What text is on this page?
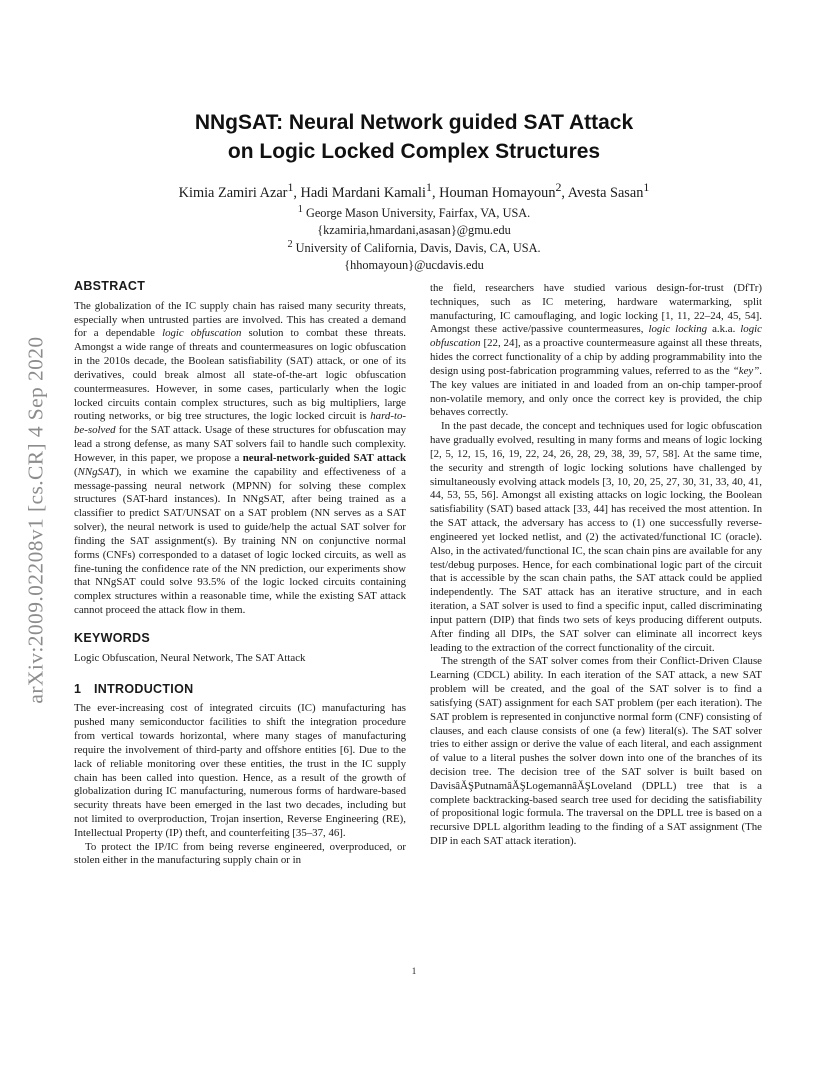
arXiv:2009.02208v1 [cs.CR] 4 Sep 2020
NNgSAT: Neural Network guided SAT Attack
on Logic Locked Complex Structures
Kimia Zamiri Azar$^1$, Hadi Mardani Kamali$^1$, Houman Homayoun$^2$, Avesta Sasan$^1$
$^1$ George Mason University, Fairfax, VA, USA.
{kzamiria,hmardani,asasan}@gmu.edu
$^2$ University of California, Davis, Davis, CA, USA.
{hhomayoun}@ucdavis.edu
ABSTRACT

The globalization of the IC supply chain has raised many security threats, especially when untrusted parties are involved. This has created a demand for a dependable logic obfuscation solution to combat these threats. Amongst a wide range of threats and countermeasures on logic obfuscation in the 2010s decade, the Boolean satisfiability (SAT) attack, or one of its derivatives, could break almost all state-of-the-art logic obfuscation countermeasures. However, in some cases, particularly when the logic locked circuits contain complex structures, such as big multipliers, large routing networks, or big tree structures, the logic locked circuit is hard-to-be-solved for the SAT attack. Usage of these structures for obfuscation may lead a strong defense, as many SAT solvers fail to handle such complexity. However, in this paper, we propose a neural-network-guided SAT attack (NNgSAT), in which we examine the capability and effectiveness of a message-passing neural network (MPNN) for solving these complex structures (SAT-hard instances). In NNgSAT, after being trained as a classifier to predict SAT/UNSAT on a SAT problem (NN serves as a SAT solver), the neural network is used to guide/help the actual SAT solver for finding the SAT assignment(s). By training NN on conjunctive normal forms (CNFs) corresponded to a dataset of logic locked circuits, as well as fine-tuning the confidence rate of the NN prediction, our experiments show that NNgSAT could solve 93.5% of the logic locked circuits containing complex structures within a reasonable time, while the existing SAT attack cannot proceed the attack flow in them.

KEYWORDS

Logic Obfuscation, Neural Network, The SAT Attack

1 INTRODUCTION

The ever-increasing cost of integrated circuits (IC) manufacturing has pushed many semiconductor facilities to shift the integration procedure from vertical towards horizontal, where many stages of manufacturing require the involvement of third-party and offshore entities [6]. Due to the lack of reliable monitoring over these entities, the trust in the IC supply chain has been called into question. Hence, as a result of the growth of globalization during IC manufacturing, numerous forms of hardware-based security threats have been emerged in the last two decades, including but not limited to overproduction, Trojan insertion, Reverse Engineering (RE), Intellectual Property (IP) theft, and counterfeiting [35–37, 46].

To protect the IP/IC from being reverse engineered, overproduced, or stolen either in the manufacturing supply chain or in

the field, researchers have studied various design-for-trust (DfTr) techniques, such as IC metering, hardware watermarking, split manufacturing, IC camouflaging, and logic locking [1, 11, 22–24, 45, 54]. Amongst these active/passive countermeasures, logic locking a.k.a. logic obfuscation [22, 24], as a proactive countermeasure against all these threats, hides the correct functionality of a chip by adding programmability into the design using post-fabrication programming values, referred to as the “key”. The key values are initiated in and loaded from an on-chip tamper-proof non-volatile memory, and only once the correct key is provided, the chip behaves correctly.

In the past decade, the concept and techniques used for logic obfuscation have gradually evolved, resulting in many forms and means of logic locking [2, 5, 12, 15, 16, 19, 22, 24, 26, 28, 29, 38, 39, 57, 58]. At the same time, the security and strength of logic locking solutions have challenged by simultaneously evolving attack models [3, 10, 20, 25, 27, 30, 31, 33, 40, 41, 44, 53, 55, 56]. Amongst all existing attacks on logic locking, the Boolean satisfiability (SAT) based attack [33, 44] has received the most attention. In the SAT attack, the adversary has access to (1) one successfully reverse-engineered yet locked netlist, and (2) the activated/functional IC (oracle). Also, in the activated/functional IC, the scan chain pins are available for any test/debug purposes. Hence, for each combinational logic part of the circuit that is accessible by the scan chain paths, the SAT attack could be applied independently. The SAT attack has an iterative structure, and in each iteration, a SAT solver is used to find a specific input, called discriminating input pattern (DIP) that finds two sets of keys producing different outputs. After finding all DIPs, the SAT solver can eliminate all incorrect keys leading to the extraction of the correct functionality of the circuit.

The strength of the SAT solver comes from their Conflict-Driven Clause Learning (CDCL) ability. In each iteration of the SAT attack, a new SAT problem will be created, and the goal of the SAT solver is to find a satisfying (SAT) assignment for each SAT problem (per each iteration). The SAT problem is represented in conjunctive normal form (CNF) consisting of clauses, and each clause consists of one (a few) literal(s). The SAT solver tries to either assign or derive the value of each literal, and each assignment of value to a literal pushes the solver down into one of the branches of its decision tree. The decision tree of the SAT solver is built based on DavisâĂŞPutnamâĂŞLogemannâĂŞLoveland (DPLL) tree that is a complete backtracking-based search tree used for deciding the satisfiability of propositional logic formula. The traversal on the DPLL tree is based on a recursive DPLL algorithm leading to the finding of a SAT assignment (The DIP in each SAT attack iteration).

1
